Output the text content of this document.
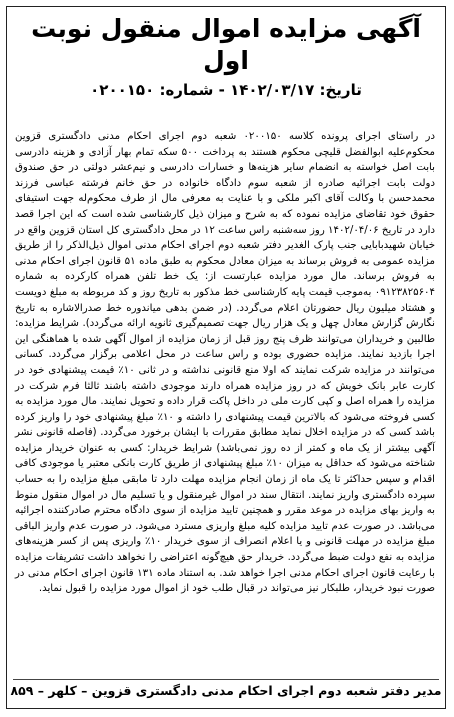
آگهی مزایده اموال منقول نوبت اول
تاریخ: ۱۴۰۲/۰۳/۱۷ - شماره: ۰۲۰۰۱۵۰

در راستای اجرای پرونده کلاسه ۰۲۰۰۱۵۰ شعبه دوم اجرای احکام مدنی دادگستری قزوین محکوم‌علیه ابوالفضل قلیچی محکوم هستند به پرداخت ۵۰۰ سکه تمام بهار آزادی و هزینه دادرسی بابت اصل خواسته به انضمام سایر هزینه‌ها و خسارات دادرسی و نیم‌عشر دولتی در حق صندوق دولت بابت اجرائیه صادره از شعبه سوم دادگاه خانواده در حق خانم فرشته عباسی فرزند محمدحسن با وکالت آقای اکبر ملکی و با عنایت به معرفی مال از طرف محکوم‌له جهت استیفای حقوق خود تقاضای مزایده نموده که به شرح و میزان ذیل کارشناسی شده است که این اجرا قصد دارد در تاریخ ۱۴۰۲/۰۴/۰۶ روز سه‌شنبه راس ساعت ۱۲ در محل دادگستری کل استان قزوین واقع در خیابان شهیدبابایی جنب پارک الغدیر دفتر شعبه دوم اجرای احکام مدنی اموال ذیل‌الذکر را از طریق مزایده عمومی به فروش برساند به میزان معادل محکوم به طبق ماده ۵۱ قانون اجرای احکام مدنی به فروش برساند. مال مورد مزایده عبارتست از: یک خط تلفن همراه کارکرده به شماره ۰۹۱۲۳۸۲۵۶۰۴ به‌موجب قیمت پایه کارشناسی خط مذکور به تاریخ روز و کد مربوطه به مبلغ دویست و هشتاد میلیون ریال حضورتان اعلام می‌گردد. (در ضمن بدهی میاندوره خط صدرالاشاره به تاریخ نگارش گزارش معادل چهل و یک هزار ریال جهت تصمیم‌گیری ثانویه ارائه می‌گردد). شرایط مزایده: طالبین و خریداران می‌توانند ظرف پنج روز قبل از زمان مزایده از اموال آگهی شده با هماهنگی این اجرا بازدید نمایند. مزایده حضوری بوده و راس ساعت در محل اعلامی برگزار می‌گردد. کسانی می‌توانند در مزایده شرکت نمایند که اولا منع قانونی نداشته و در ثانی ۱۰٪ قیمت پیشنهادی خود در کارت عابر بانک خویش که در روز مزایده همراه دارند موجودی داشته باشند ثالثا فرم شرکت در مزایده را همراه اصل و کپی کارت ملی در داخل پاکت قرار داده و تحویل نمایند. مال مورد مزایده به کسی فروخته می‌شود که بالاترین قیمت پیشنهادی را داشته و ۱۰٪ مبلغ پیشنهادی خود را واریز کرده باشد کسی که در مزایده اخلال نماید مطابق مقررات با ایشان برخورد می‌گردد. (فاصله قانونی نشر آگهی بیشتر از یک ماه و کمتر از ده روز نمی‌باشد) شرایط خریدار: کسی به عنوان خریدار مزایده شناخته می‌شود که حداقل به میزان ۱۰٪ مبلغ پیشنهادی از طریق کارت بانکی معتبر یا موجودی کافی اقدام و سپس حداکثر تا یک ماه از زمان انجام مزایده مهلت دارد تا مابقی مبلغ مزایده را به حساب سپرده دادگستری واریز نمایند. انتقال سند در اموال غیرمنقول و یا تسلیم مال در اموال منقول منوط به واریز بهای مزایده در موعد مقرر و همچنین تایید مزایده از سوی دادگاه محترم صادرکننده اجرائیه می‌باشد. در صورت عدم تایید مزایده کلیه مبلغ واریزی مسترد می‌شود. در صورت عدم واریز الباقی مبلغ مزایده در مهلت قانونی و یا اعلام انصراف از سوی خریدار ۱۰٪ واریزی پس از کسر هزینه‌های مزایده به نفع دولت ضبط می‌گردد. خریدار حق هیچ‌گونه اعتراضی را نخواهد داشت تشریفات مزایده با رعایت قانون اجرای احکام مدنی اجرا خواهد شد. به استناد ماده ۱۳۱ قانون اجرای احکام مدنی در صورت نبود خریدار، طلبکار نیز می‌تواند در قبال طلب خود از اموال مورد مزایده را قبول نماید.

مدیر دفتر شعبه دوم اجرای احکام مدنی دادگستری قزوین – کلهر – ۸۵۹
